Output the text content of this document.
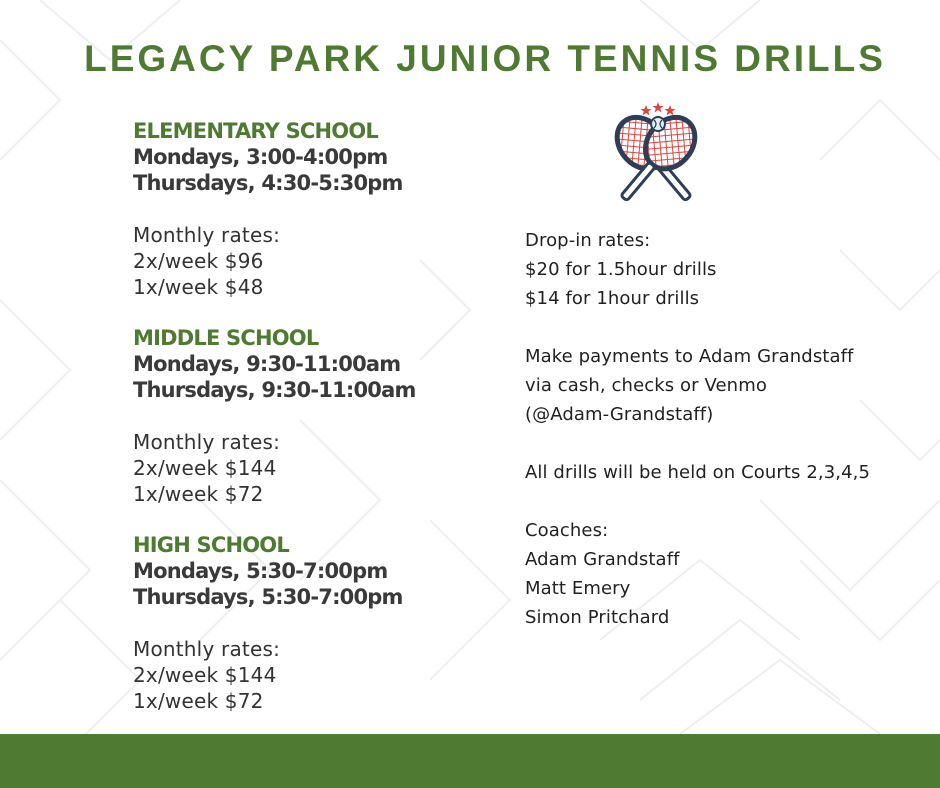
LEGACY PARK JUNIOR TENNIS DRILLS
ELEMENTARY SCHOOL
Mondays, 3:00-4:00pm
Thursdays, 4:30-5:30pm
Monthly rates:
2x/week $96
1x/week $48
MIDDLE SCHOOL
Mondays, 9:30-11:00am
Thursdays, 9:30-11:00am
Monthly rates:
2x/week $144
1x/week $72
HIGH SCHOOL
Mondays, 5:30-7:00pm
Thursdays, 5:30-7:00pm
Monthly rates:
2x/week $144
1x/week $72
Drop-in rates:
$20 for 1.5hour drills
$14 for 1hour drills
Make payments to Adam Grandstaff
via cash, checks or Venmo
(@Adam-Grandstaff)
All drills will be held on Courts 2,3,4,5
Coaches:
Adam Grandstaff
Matt Emery
Simon Pritchard
